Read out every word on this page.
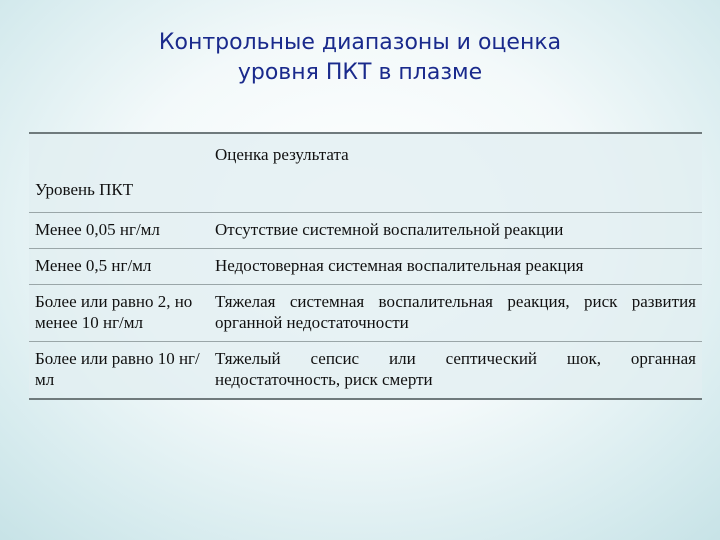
Контрольные диапазоны и оценка
уровня ПКТ в плазме
Уровень ПКТ	Оценка результата
Менее 0,05 нг/мл	Отсутствие системной воспалительной реакции
Менее 0,5 нг/мл	Недостоверная системная воспалительная реакция
Более или равно 2, но менее 10 нг/мл	Тяжелая системная воспалительная реакция, риск развития органной недостаточности
Более или равно 10 нг/мл	Тяжелый сепсис или септический шок, органная недостаточность, риск смерти
